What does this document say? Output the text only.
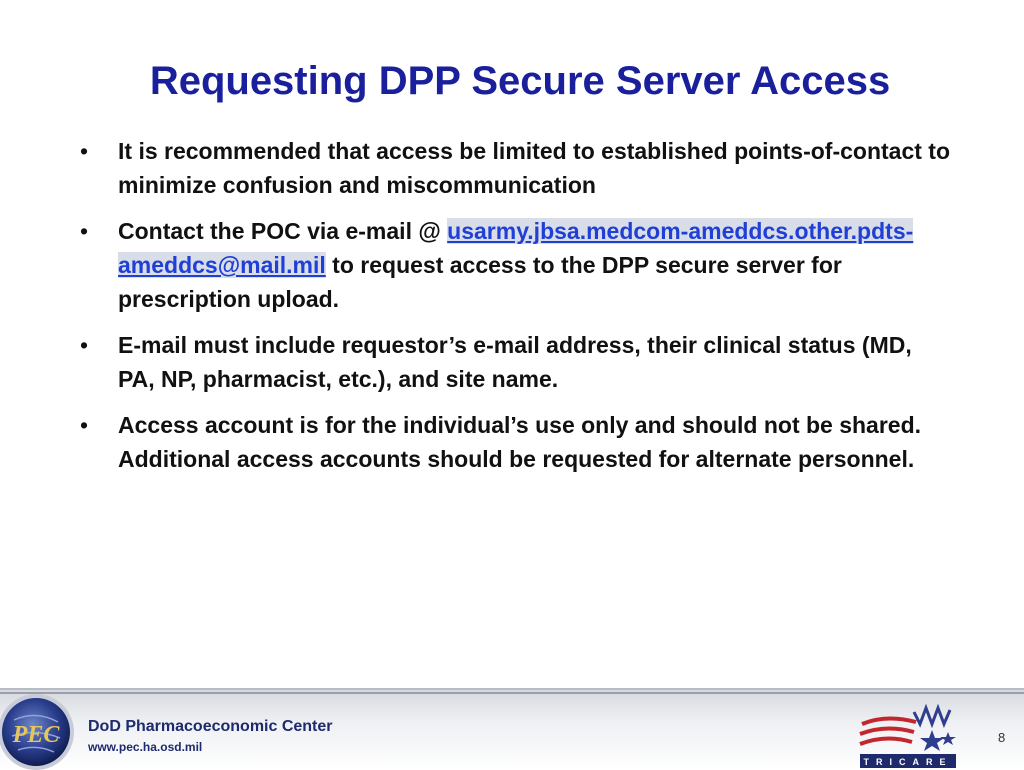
Requesting DPP Secure Server Access
• It is recommended that access be limited to established points-of-contact to minimize confusion and miscommunication
• Contact the POC via e-mail @ usarmy.jbsa.medcom-ameddcs.other.pdts-ameddcs@mail.mil to request access to the DPP secure server for prescription upload.
• E-mail must include requestor’s e-mail address, their clinical status (MD, PA, NP, pharmacist, etc.), and site name.
• Access account is for the individual’s use only and should not be shared. Additional access accounts should be requested for alternate personnel.
PEC DoD Pharmacoeconomic Center
www.pec.ha.osd.mil
TRICARE
8
